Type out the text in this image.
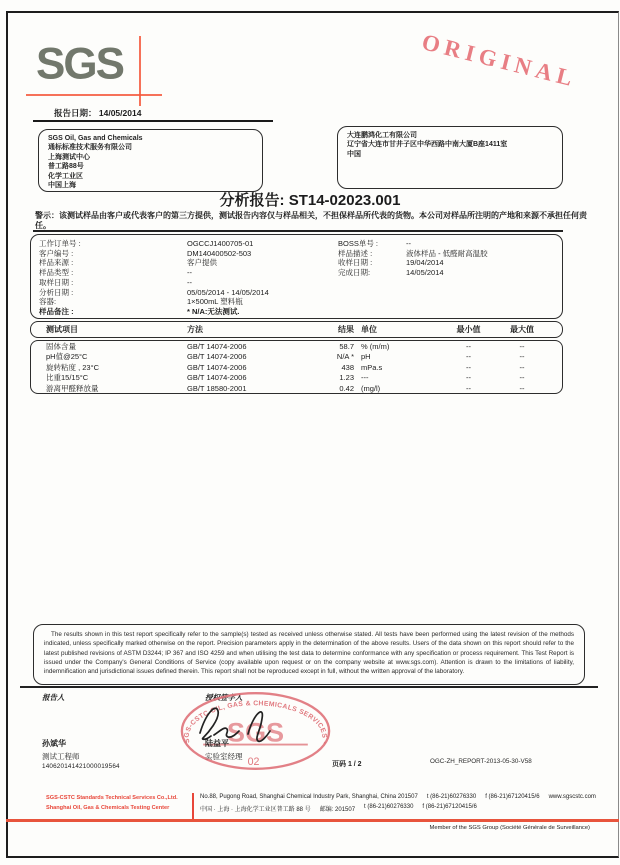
SGS	ORIGINAL
报告日期： 14/05/2014
SGS Oil, Gas and Chemicals
通标标准技术服务有限公司
上海测试中心
普工路88号
化学工业区
中国上海
大连鹏鸿化工有限公司
辽宁省大连市甘井子区中华西路中南大厦B座1411室
中国
分析报告: ST14-02023.001
警示：该测试样品由客户或代表客户的第三方提供，测试报告内容仅与样品相关，不担保样品所代表的货物。本公司对样品所注明的产地和来源不承担任何责任。
工作订单号 :	OGCCJ1400705-01
客户编号 :	DM140400502-503
样品来源 :	客户提供
样品类型 :	--
取样日期 :	--
分析日期 :	05/05/2014 - 14/05/2014
容器:	1×500mL 塑料瓶
样品备注 :	* N/A:无法测试.
BOSS单号 :	--
样品描述 :	液体样品 - 低醛耐高温胶
收样日期 :	19/04/2014
完成日期:	14/05/2014
测试项目	方法	结果 单位	最小值	最大值
固体含量	GB/T 14074-2006	58.7 % (m/m)	--	--
pH值@25°C	GB/T 14074-2006	N/A * pH	--	--
旋转粘度 , 23°C	GB/T 14074-2006	438 mPa.s	--	--
比重15/15°C	GB/T 14074-2006	1.23 ---	--	--
游离甲醛释放量	GB/T 18580-2001	0.42 (mg/l)	--	--
The results shown in this test report specifically refer to the sample(s) tested as received unless otherwise stated. All tests have been performed using the latest revision of the methods indicated, unless specifically marked otherwise on the report. Precision parameters apply in the determination of the above results. Users of the data shown on this report should refer to the latest published revisions of ASTM D3244; IP 367 and ISO 4259 and when utilising the test data to determine conformance with any specification or process requirement. This Test Report is issued under the Company's General Conditions of Service (copy available upon request or on the company website at www.sgs.com). Attention is drawn to the limitations of liability, indemnification and jurisdictional issues defined therein. This report shall not be reproduced except in full, without the written approval of the laboratory.
报告人	授权签字人
SGS-CSTC OIL, GAS & CHEMICALS SERVICES *
SGS
02
孙斌华
测试工程师
140620141421000019564
陆益平
实验室经理
页码 1 / 2	OGC-ZH_REPORT-2013-05-30-V58
SGS-CSTC Standards Technical Services Co.,Ltd.
Shanghai Oil, Gas & Chemicals Testing Center
No.88, Pugong Road, Shanghai Chemical Industry Park, Shanghai, China 201507 t (86-21)60276330 f (86-21)67120415/6 www.sgscstc.com
中国 · 上海 · 上海化学工业区普工路 88 号 邮编: 201507 t (86-21)60276330 f (86-21)67120415/6
Member of the SGS Group (Société Générale de Surveillance)
